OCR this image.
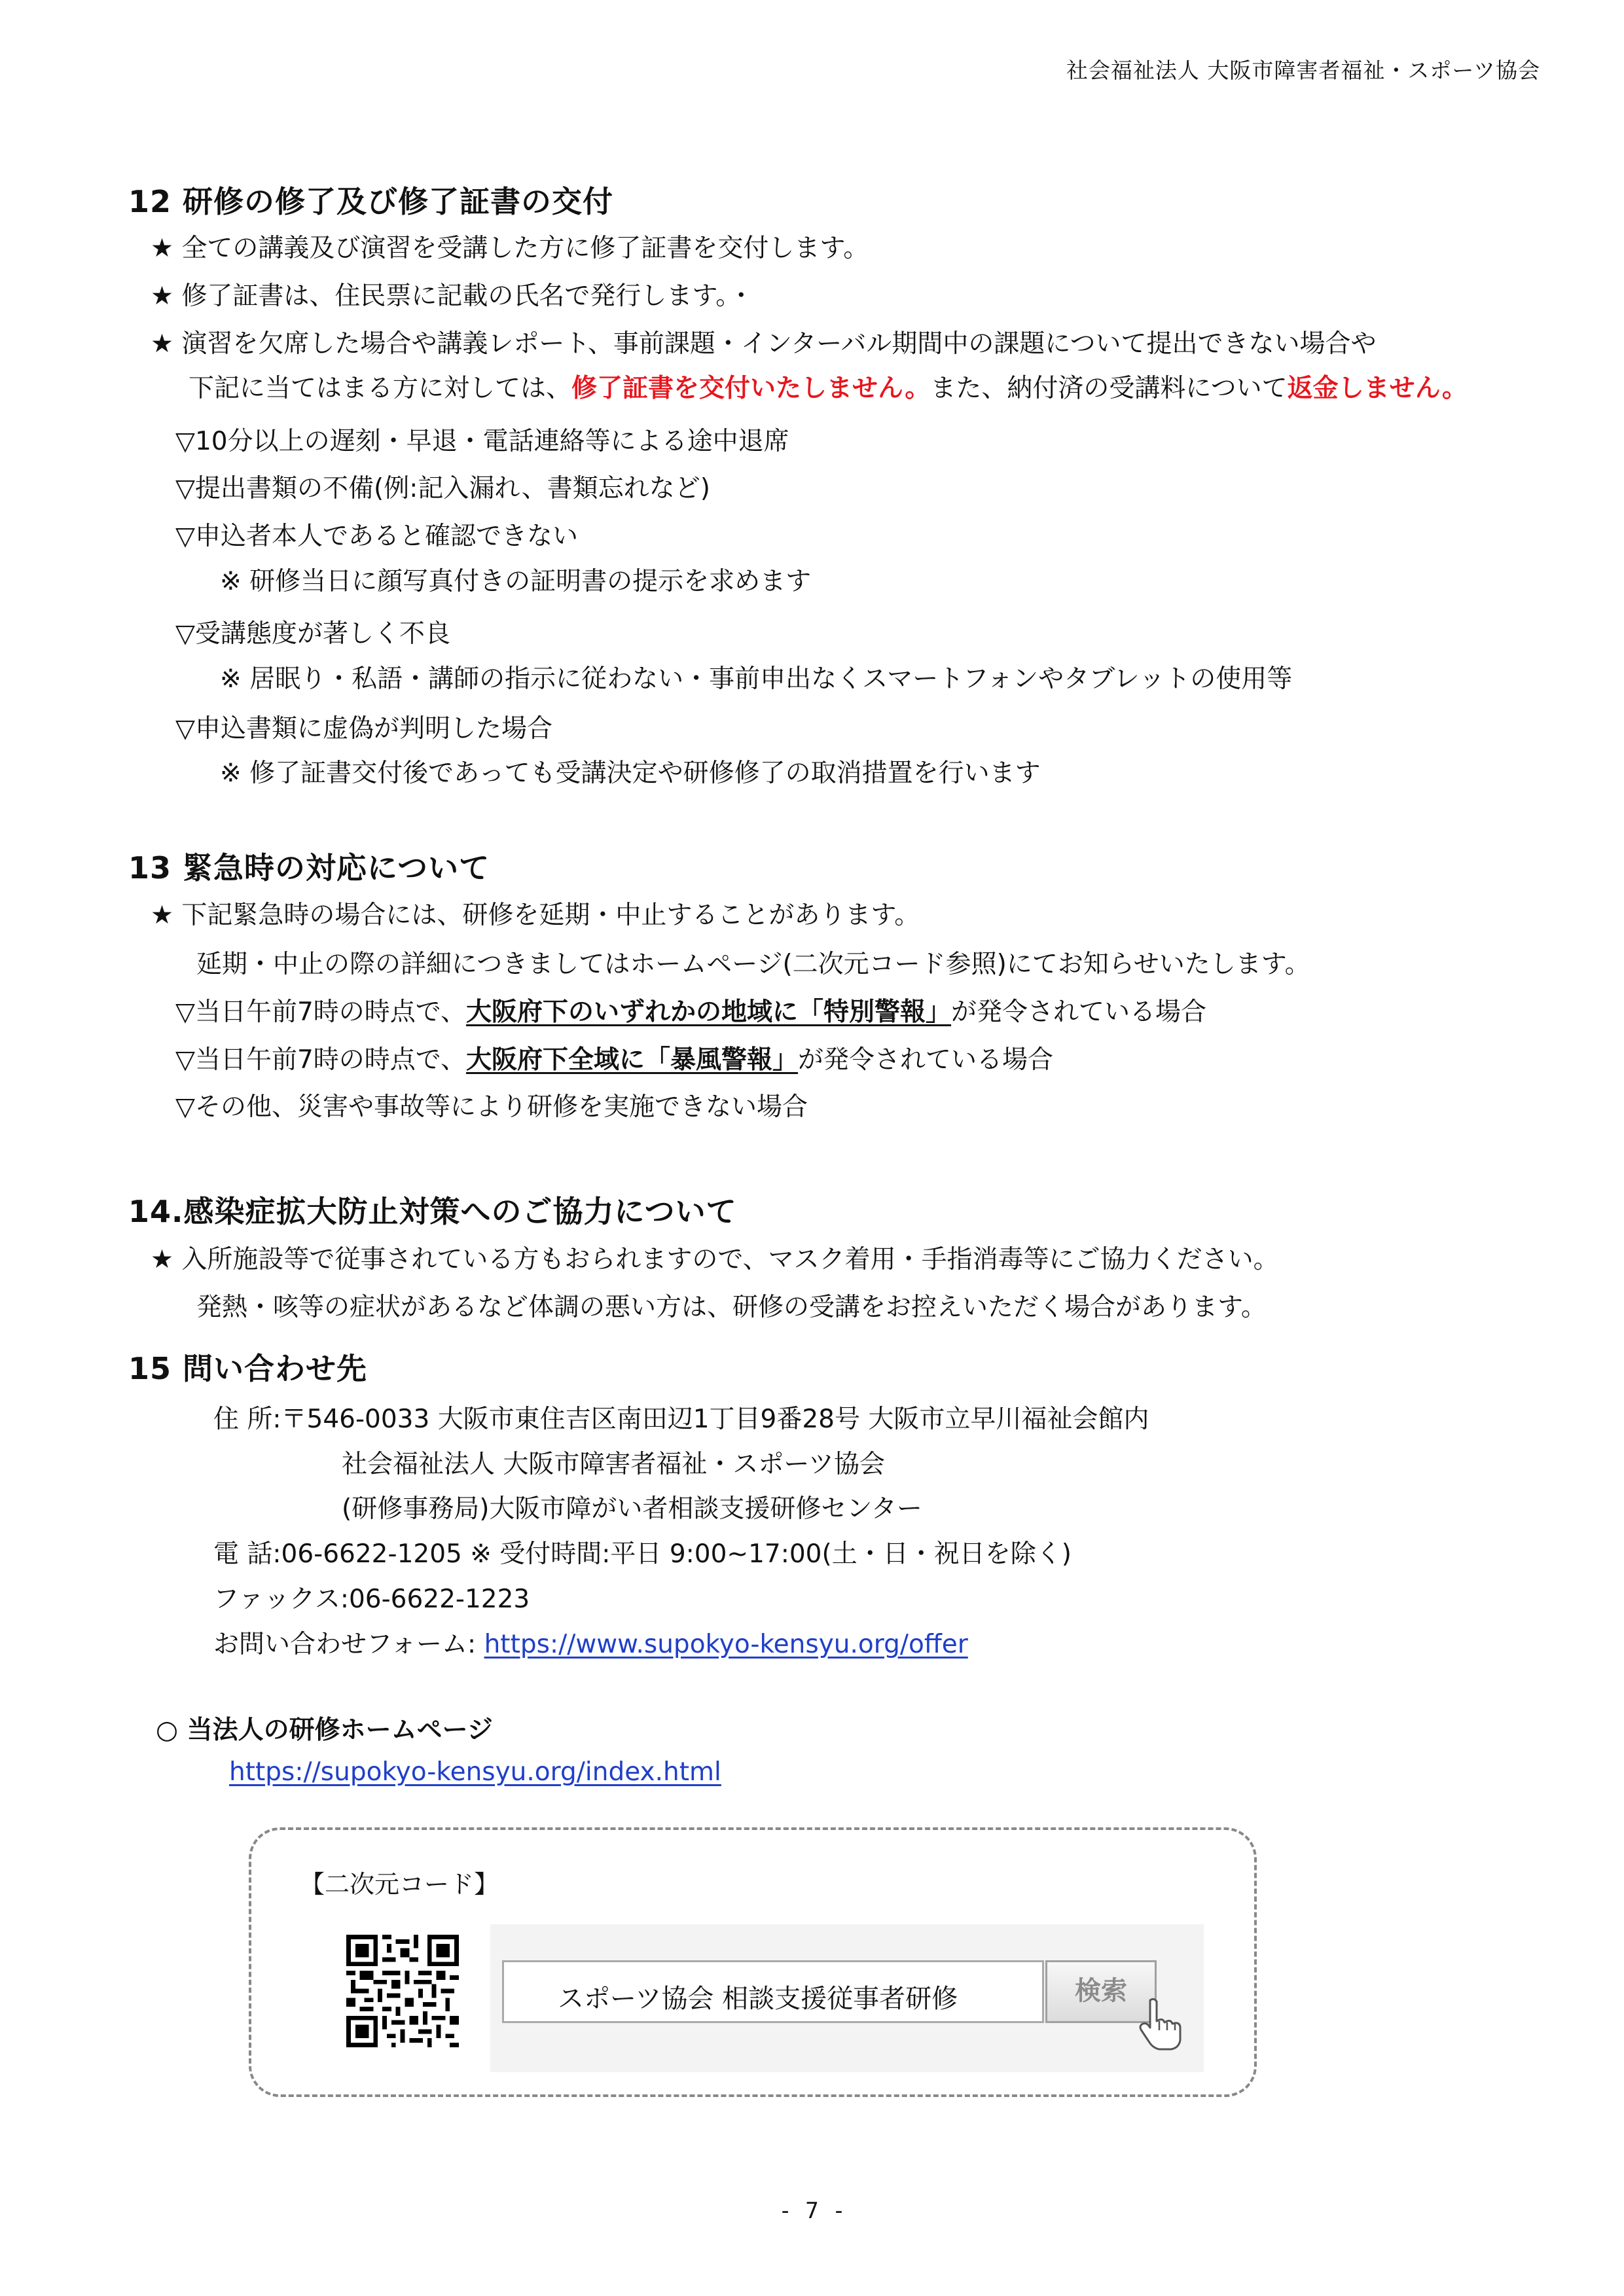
社会福祉法人 大阪市障害者福祉・スポーツ協会
12 研修の修了及び修了証書の交付
★ 全ての講義及び演習を受講した方に修了証書を交付します。
★ 修了証書は、住民票に記載の氏名で発行します。・
★ 演習を欠席した場合や講義レポート、事前課題・インターバル期間中の課題について提出できない場合や
下記に当てはまる方に対しては、修了証書を交付いたしません。また、納付済の受講料について返金しません。
▽10分以上の遅刻・早退・電話連絡等による途中退席
▽提出書類の不備(例:記入漏れ、書類忘れなど)
▽申込者本人であると確認できない
※ 研修当日に顔写真付きの証明書の提示を求めます
▽受講態度が著しく不良
※ 居眠り・私語・講師の指示に従わない・事前申出なくスマートフォンやタブレットの使用等
▽申込書類に虚偽が判明した場合
※ 修了証書交付後であっても受講決定や研修修了の取消措置を行います
13 緊急時の対応について
★ 下記緊急時の場合には、研修を延期・中止することがあります。
延期・中止の際の詳細につきましてはホームページ(二次元コード参照)にてお知らせいたします。
▽当日午前7時の時点で、大阪府下のいずれかの地域に「特別警報」が発令されている場合
▽当日午前7時の時点で、大阪府下全域に「暴風警報」が発令されている場合
▽その他、災害や事故等により研修を実施できない場合
14.感染症拡大防止対策へのご協力について
★ 入所施設等で従事されている方もおられますので、マスク着用・手指消毒等にご協力ください。
発熱・咳等の症状があるなど体調の悪い方は、研修の受講をお控えいただく場合があります。
15 問い合わせ先
住 所:〒546-0033 大阪市東住吉区南田辺1丁目9番28号 大阪市立早川福祉会館内
社会福祉法人 大阪市障害者福祉・スポーツ協会
(研修事務局)大阪市障がい者相談支援研修センター
電 話:06-6622-1205 ※ 受付時間:平日 9:00~17:00(土・日・祝日を除く)
ファックス:06-6622-1223
お問い合わせフォーム: https://www.supokyo-kensyu.org/offer
○ 当法人の研修ホームページ
https://supokyo-kensyu.org/index.html
【二次元コード】
スポーツ協会 相談支援従事者研修	検索
- 7 -
